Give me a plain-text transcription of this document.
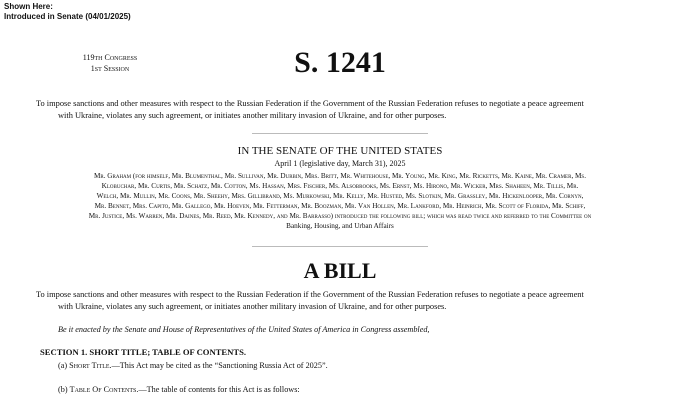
Shown Here:
Introduced in Senate (04/01/2025)
119th Congress
1st Session	S. 1241
To impose sanctions and other measures with respect to the Russian Federation if the Government of the Russian Federation refuses to negotiate a peace agreement
with Ukraine, violates any such agreement, or initiates another military invasion of Ukraine, and for other purposes.
IN THE SENATE OF THE UNITED STATES
April 1 (legislative day, March 31), 2025
Mr. Graham (for himself, Mr. Blumenthal, Mr. Sullivan, Mr. Durbin, Mrs. Britt, Mr. Whitehouse, Mr. Young, Mr. King, Mr. Ricketts, Mr. Kaine, Mr. Cramer, Ms.
Klobuchar, Mr. Curtis, Mr. Schatz, Mr. Cotton, Ms. Hassan, Mrs. Fischer, Ms. Alsobrooks, Ms. Ernst, Ms. Hirono, Mr. Wicker, Mrs. Shaheen, Mr. Tillis, Mr.
Welch, Mr. Mullin, Mr. Coons, Mr. Sheehy, Mrs. Gillibrand, Ms. Murkowski, Mr. Kelly, Mr. Husted, Ms. Slotkin, Mr. Grassley, Mr. Hickenlooper, Mr. Cornyn,
Mr. Bennet, Mrs. Capito, Mr. Gallego, Mr. Hoeven, Mr. Fetterman, Mr. Boozman, Mr. Van Hollen, Mr. Lankford, Mr. Heinrich, Mr. Scott of Florida, Mr. Schiff,
Mr. Justice, Ms. Warren, Mr. Daines, Mr. Reed, Mr. Kennedy, and Mr. Barrasso) introduced the following bill; which was read twice and referred to the Committee on
Banking, Housing, and Urban Affairs
A BILL
To impose sanctions and other measures with respect to the Russian Federation if the Government of the Russian Federation refuses to negotiate a peace agreement
with Ukraine, violates any such agreement, or initiates another military invasion of Ukraine, and for other purposes.
Be it enacted by the Senate and House of Representatives of the United States of America in Congress assembled,
SECTION 1. SHORT TITLE; TABLE OF CONTENTS.
(a) Short Title.—This Act may be cited as the “Sanctioning Russia Act of 2025”.
(b) Table Of Contents.—The table of contents for this Act is as follows:
